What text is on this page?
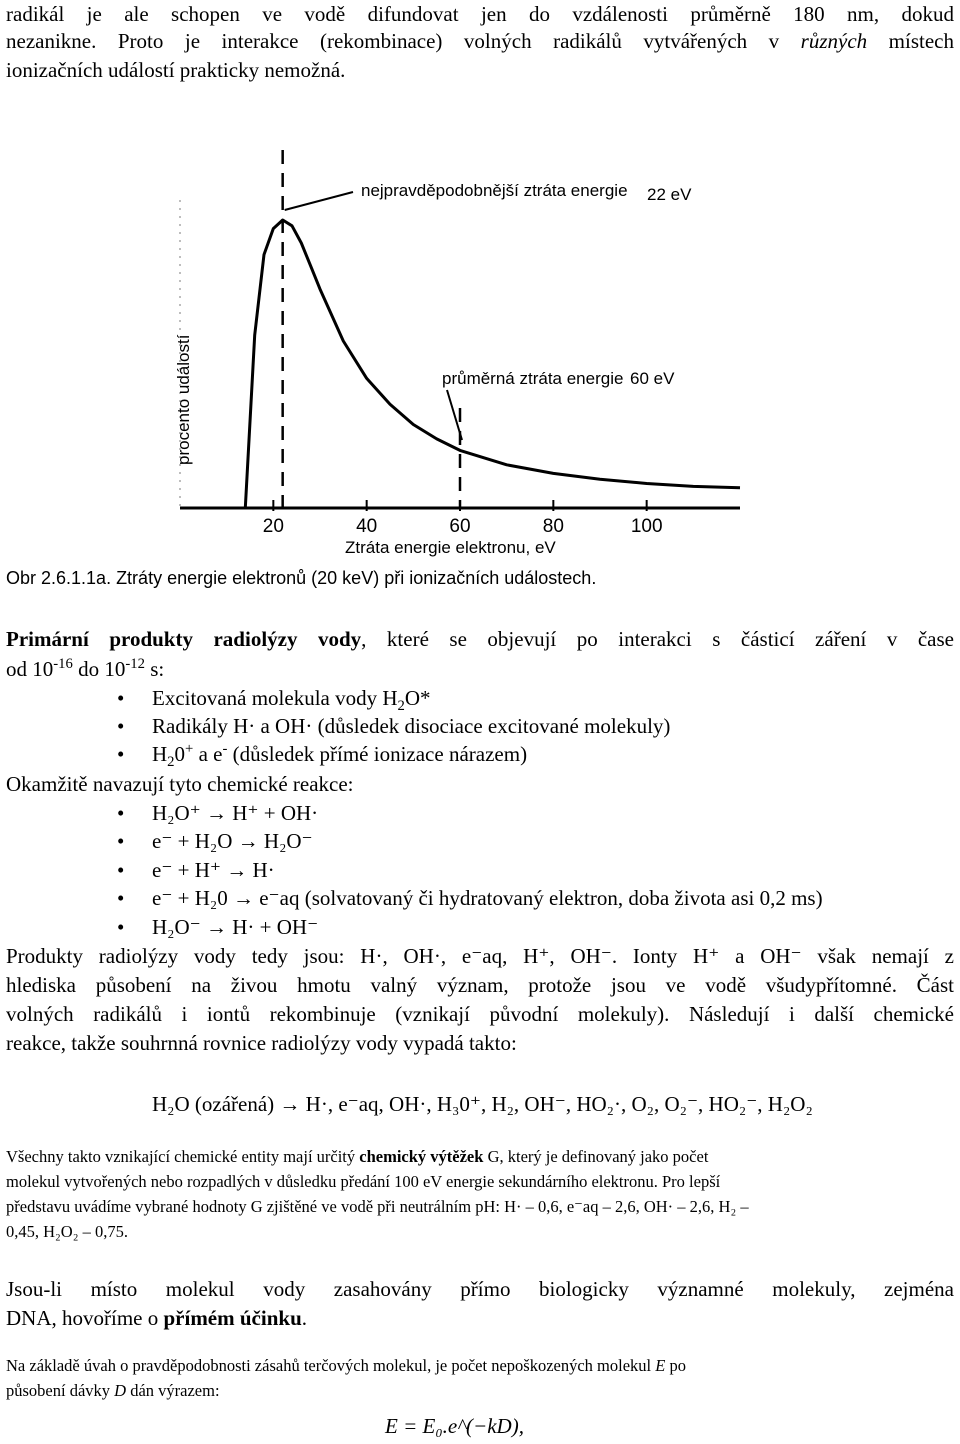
radikál je ale schopen ve vodě difundovat jen do vzdálenosti průměrně 180 nm, dokud
nezanikne. Proto je interakce (rekombinace) volných radikálů vytvářených v různých místech
ionizačních událostí prakticky nemožná.
20	40	60	80	100
nejpravděpodobnější ztráta energie 22 eV
průměrná ztráta energie 60 eV
procento událostí
Ztráta energie elektronu, eV
Obr 2.6.1.1a. Ztráty energie elektronů (20 keV) při ionizačních událostech.
Primární produkty radiolýzy vody, které se objevují po interakci s částicí záření v čase
od $10^{-16}$ do $10^{-12}$ s:
• Excitovaná molekula vody $H_2O*$
• Radikály H· a OH· (důsledek disociace excitované molekuly)
• $H_20^+$ a e- (důsledek přímé ionizace nárazem)
Okamžitě navazují tyto chemické reakce:
• H₂O⁺ → H⁺ + OH·
• e⁻ + H₂O → H₂O⁻
• e⁻ + H⁺ → H·
• e⁻ + H₂0 → e⁻aq (solvatovaný či hydratovaný elektron, doba života asi 0,2 ms)
• H₂O⁻ → H· + OH⁻
Produkty radiolýzy vody tedy jsou: H·, OH·, e⁻aq, H⁺, OH⁻. Ionty H⁺ a OH⁻ však nemají z
hlediska působení na živou hmotu valný význam, protože jsou ve vodě všudypřítomné. Část
volných radikálů i iontů rekombinuje (vznikají původní molekuly). Následují i další chemické
reakce, takže souhrnná rovnice radiolýzy vody vypadá takto:
H₂O (ozářená) → H·, e⁻aq, OH·, H₃0⁺, H₂, OH⁻, HO₂·, O₂, O₂⁻, HO₂⁻, H₂O₂
Všechny takto vznikající chemické entity mají určitý chemický výtěžek G, který je definovaný jako počet
molekul vytvořených nebo rozpadlých v důsledku předání 100 eV energie sekundárního elektronu. Pro lepší
představu uvádíme vybrané hodnoty G zjištěné ve vodě při neutrálním pH: H· – 0,6, e⁻aq – 2,6, OH· – 2,6, H₂ –
0,45, H₂O₂ – 0,75.
Jsou-li místo molekul vody zasahovány přímo biologicky významné molekuly, zejména
DNA, hovoříme o přímém účinku.
Na základě úvah o pravděpodobnosti zásahů terčových molekul, je počet nepoškozených molekul E po
působení dávky D dán výrazem:
E = E₀.e^(−kD),
